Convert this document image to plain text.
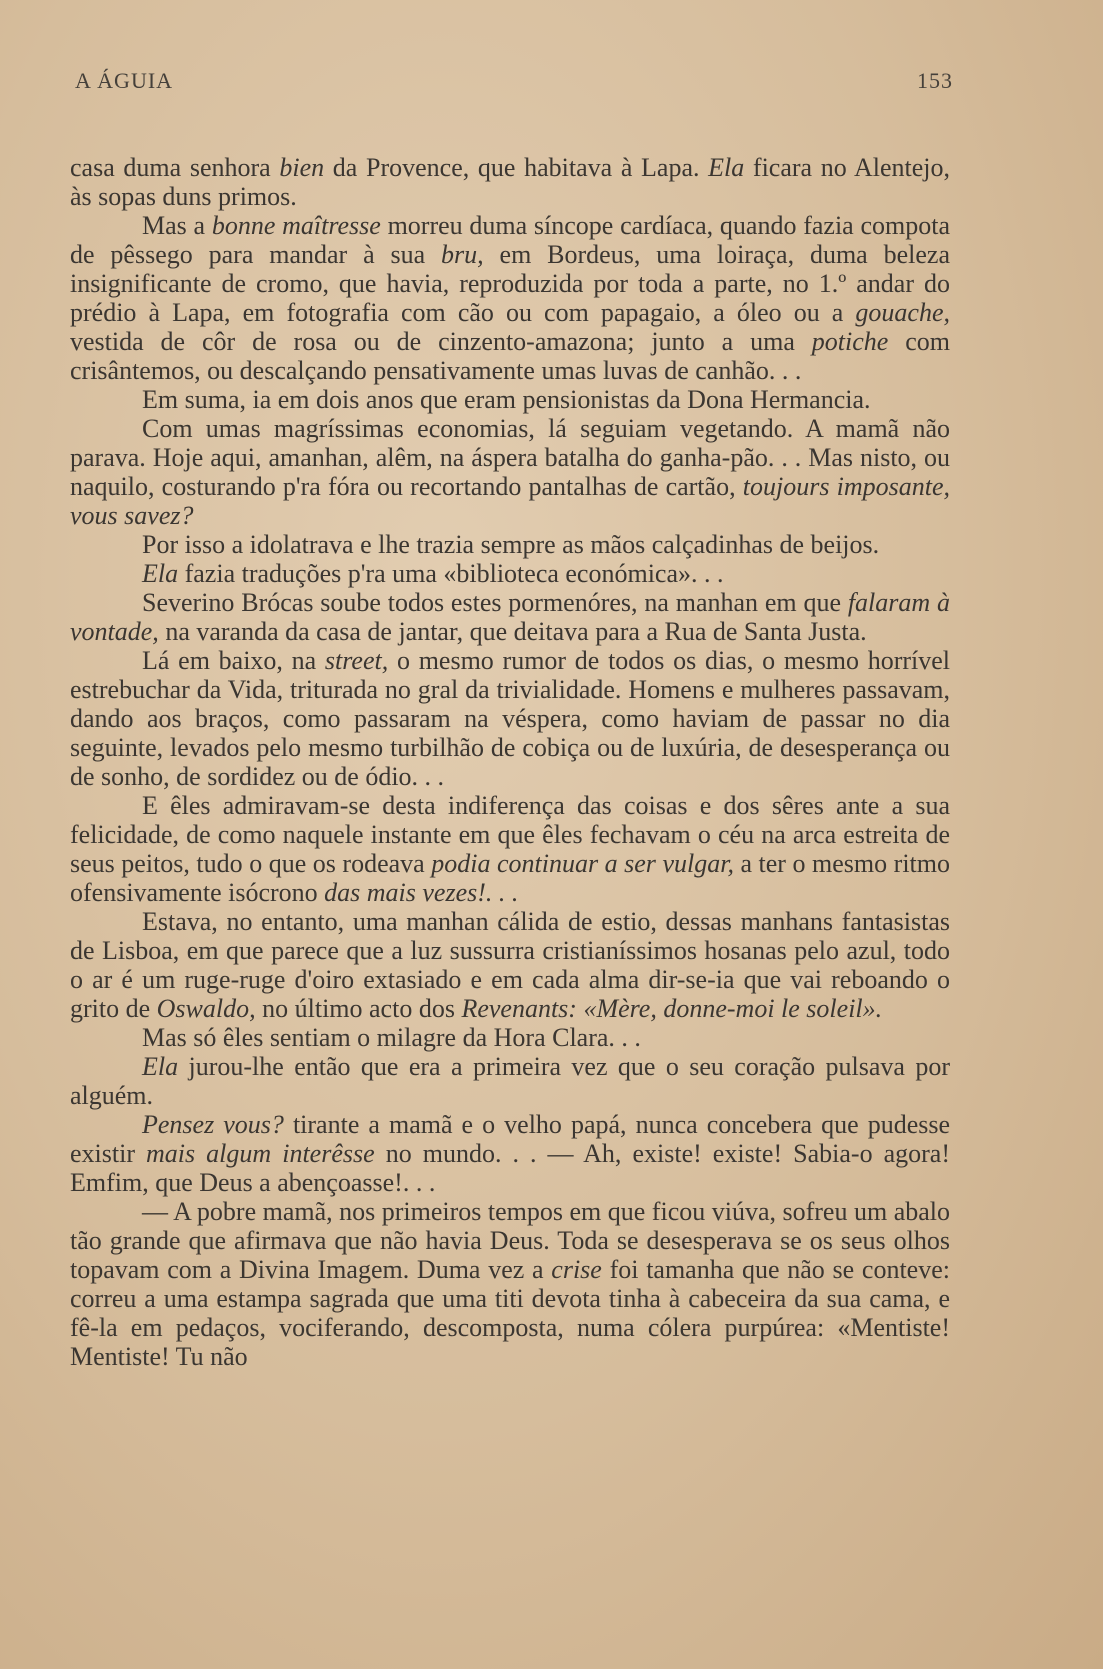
A ÁGUIA	153

casa duma senhora bien da Provence, que habitava à Lapa. Ela ficara no Alentejo, às sopas duns primos.

Mas a bonne maîtresse morreu duma síncope cardíaca, quando fazia compota de pêssego para mandar à sua bru, em Bordeus, uma loiraça, duma beleza insignificante de cromo, que havia, reproduzida por toda a parte, no 1.º andar do prédio à Lapa, em fotografia com cão ou com papagaio, a óleo ou a gouache, vestida de côr de rosa ou de cinzento-amazona; junto a uma potiche com crisântemos, ou descalçando pensativamente umas luvas de canhão. . .

Em suma, ia em dois anos que eram pensionistas da Dona Hermancia.

Com umas magríssimas economias, lá seguiam vegetando. A mamã não parava. Hoje aqui, amanhan, alêm, na áspera batalha do ganha-pão. . . Mas nisto, ou naquilo, costurando p'ra fóra ou recortando pantalhas de cartão, toujours imposante, vous savez?

Por isso a idolatrava e lhe trazia sempre as mãos calçadinhas de beijos.

Ela fazia traduções p'ra uma «biblioteca económica». . .

Severino Brócas soube todos estes pormenóres, na manhan em que falaram à vontade, na varanda da casa de jantar, que deitava para a Rua de Santa Justa.

Lá em baixo, na street, o mesmo rumor de todos os dias, o mesmo horrível estrebuchar da Vida, triturada no gral da trivialidade. Homens e mulheres passavam, dando aos braços, como passaram na véspera, como haviam de passar no dia seguinte, levados pelo mesmo turbilhão de cobiça ou de luxúria, de desesperança ou de sonho, de sordidez ou de ódio. . .

E êles admiravam-se desta indiferença das coisas e dos sêres ante a sua felicidade, de como naquele instante em que êles fechavam o céu na arca estreita de seus peitos, tudo o que os rodeava podia continuar a ser vulgar, a ter o mesmo ritmo ofensivamente isócrono das mais vezes!. . .

Estava, no entanto, uma manhan cálida de estio, dessas manhans fantasistas de Lisboa, em que parece que a luz sussurra cristianíssimos hosanas pelo azul, todo o ar é um ruge-ruge d'oiro extasiado e em cada alma dir-se-ia que vai reboando o grito de Oswaldo, no último acto dos Revenants: «Mère, donne-moi le soleil».

Mas só êles sentiam o milagre da Hora Clara. . .

Ela jurou-lhe então que era a primeira vez que o seu coração pulsava por alguém.

Pensez vous? tirante a mamã e o velho papá, nunca concebera que pudesse existir mais algum interêsse no mundo. . . — Ah, existe! existe! Sabia-o agora! Emfim, que Deus a abençoasse!. . .

— A pobre mamã, nos primeiros tempos em que ficou viúva, sofreu um abalo tão grande que afirmava que não havia Deus. Toda se desesperava se os seus olhos topavam com a Divina Imagem. Duma vez a crise foi tamanha que não se conteve: correu a uma estampa sagrada que uma titi devota tinha à cabeceira da sua cama, e fê-la em pedaços, vociferando, descomposta, numa cólera purpúrea: «Mentiste! Mentiste! Tu não
